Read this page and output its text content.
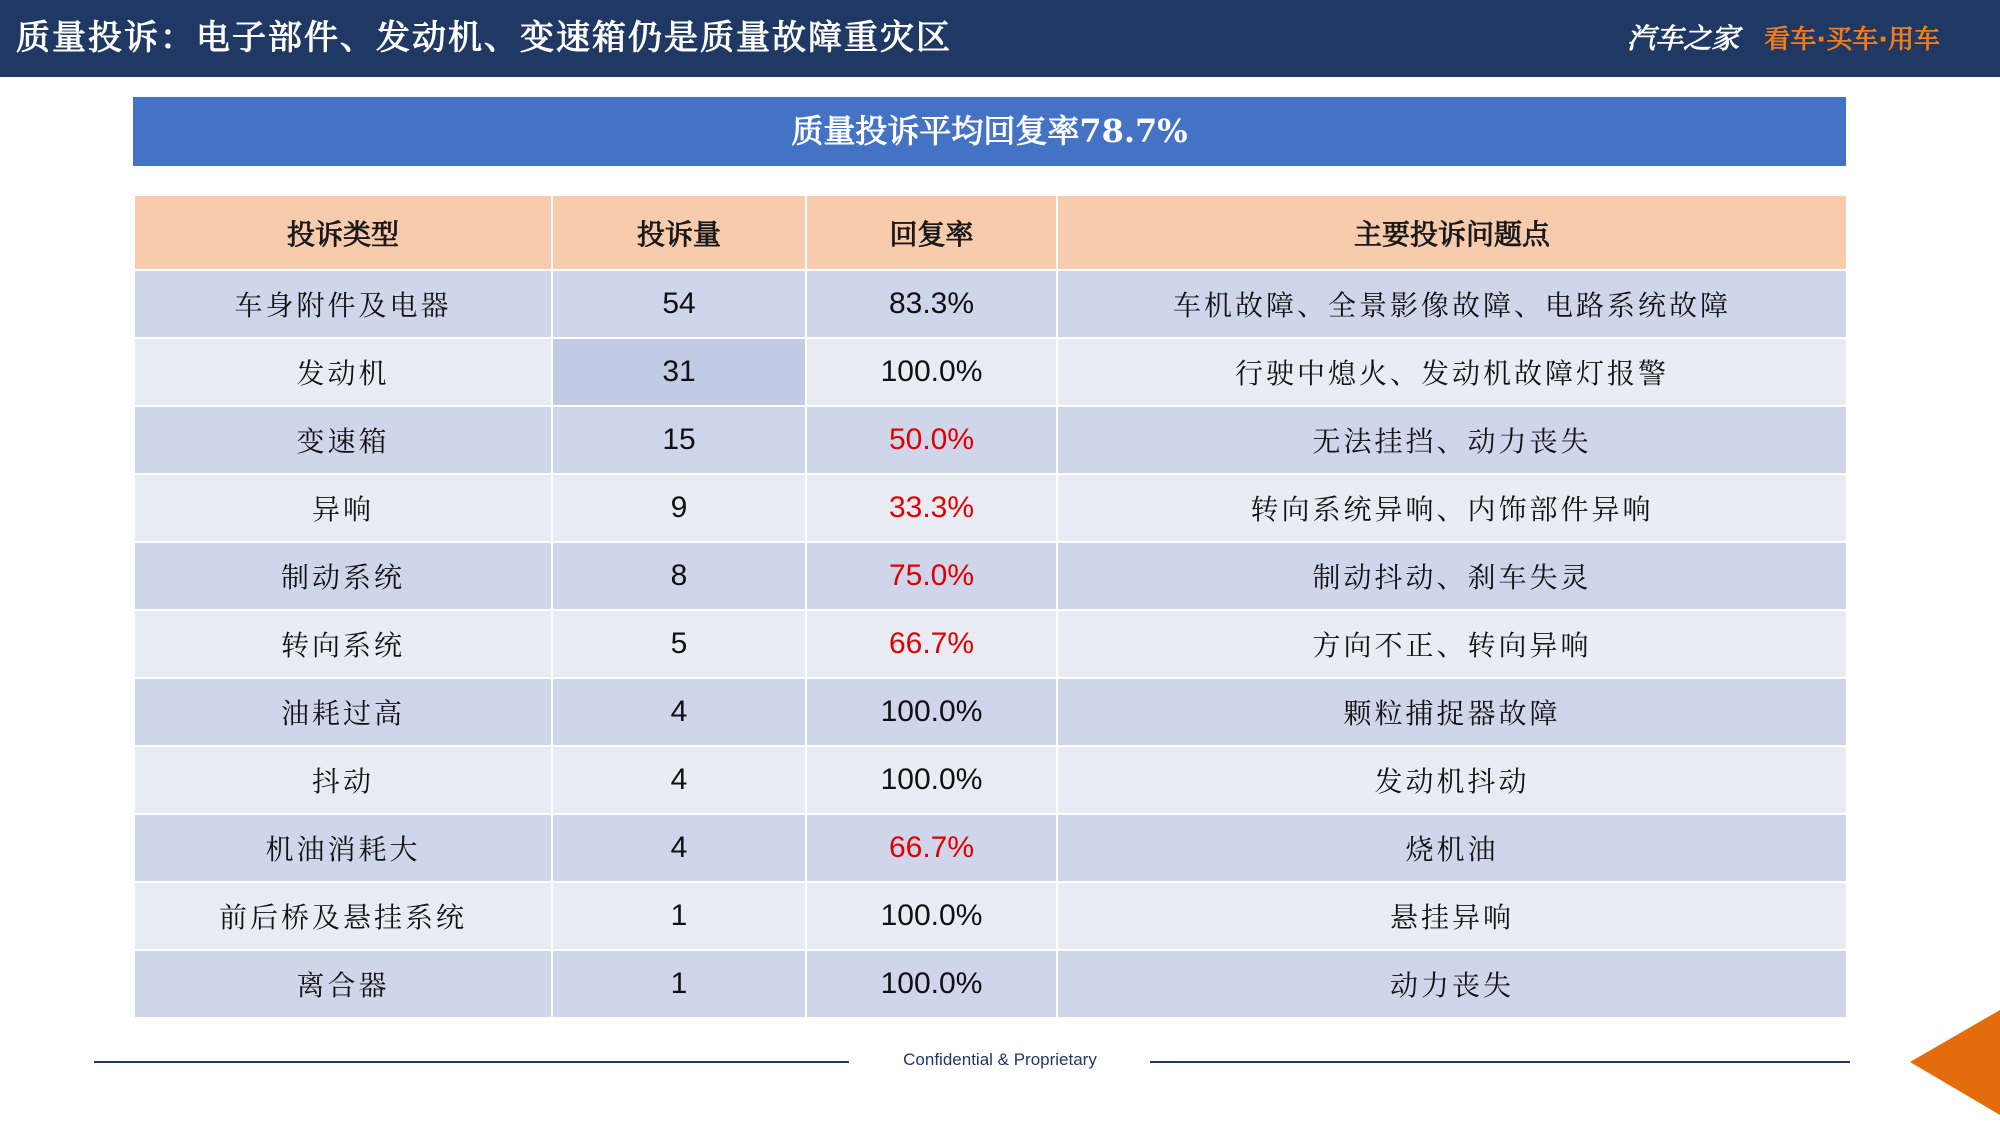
质量投诉：电子部件、发动机、变速箱仍是质量故障重灾区	汽车之家 看车·买车·用车
质量投诉平均回复率78.7%
投诉类型	投诉量	回复率	主要投诉问题点
车身附件及电器	54	83.3%	车机故障、全景影像故障、电路系统故障
发动机	31	100.0%	行驶中熄火、发动机故障灯报警
变速箱	15	50.0%	无法挂挡、动力丧失
异响	9	33.3%	转向系统异响、内饰部件异响
制动系统	8	75.0%	制动抖动、刹车失灵
转向系统	5	66.7%	方向不正、转向异响
油耗过高	4	100.0%	颗粒捕捉器故障
抖动	4	100.0%	发动机抖动
机油消耗大	4	66.7%	烧机油
前后桥及悬挂系统	1	100.0%	悬挂异响
离合器	1	100.0%	动力丧失
Confidential & Proprietary
